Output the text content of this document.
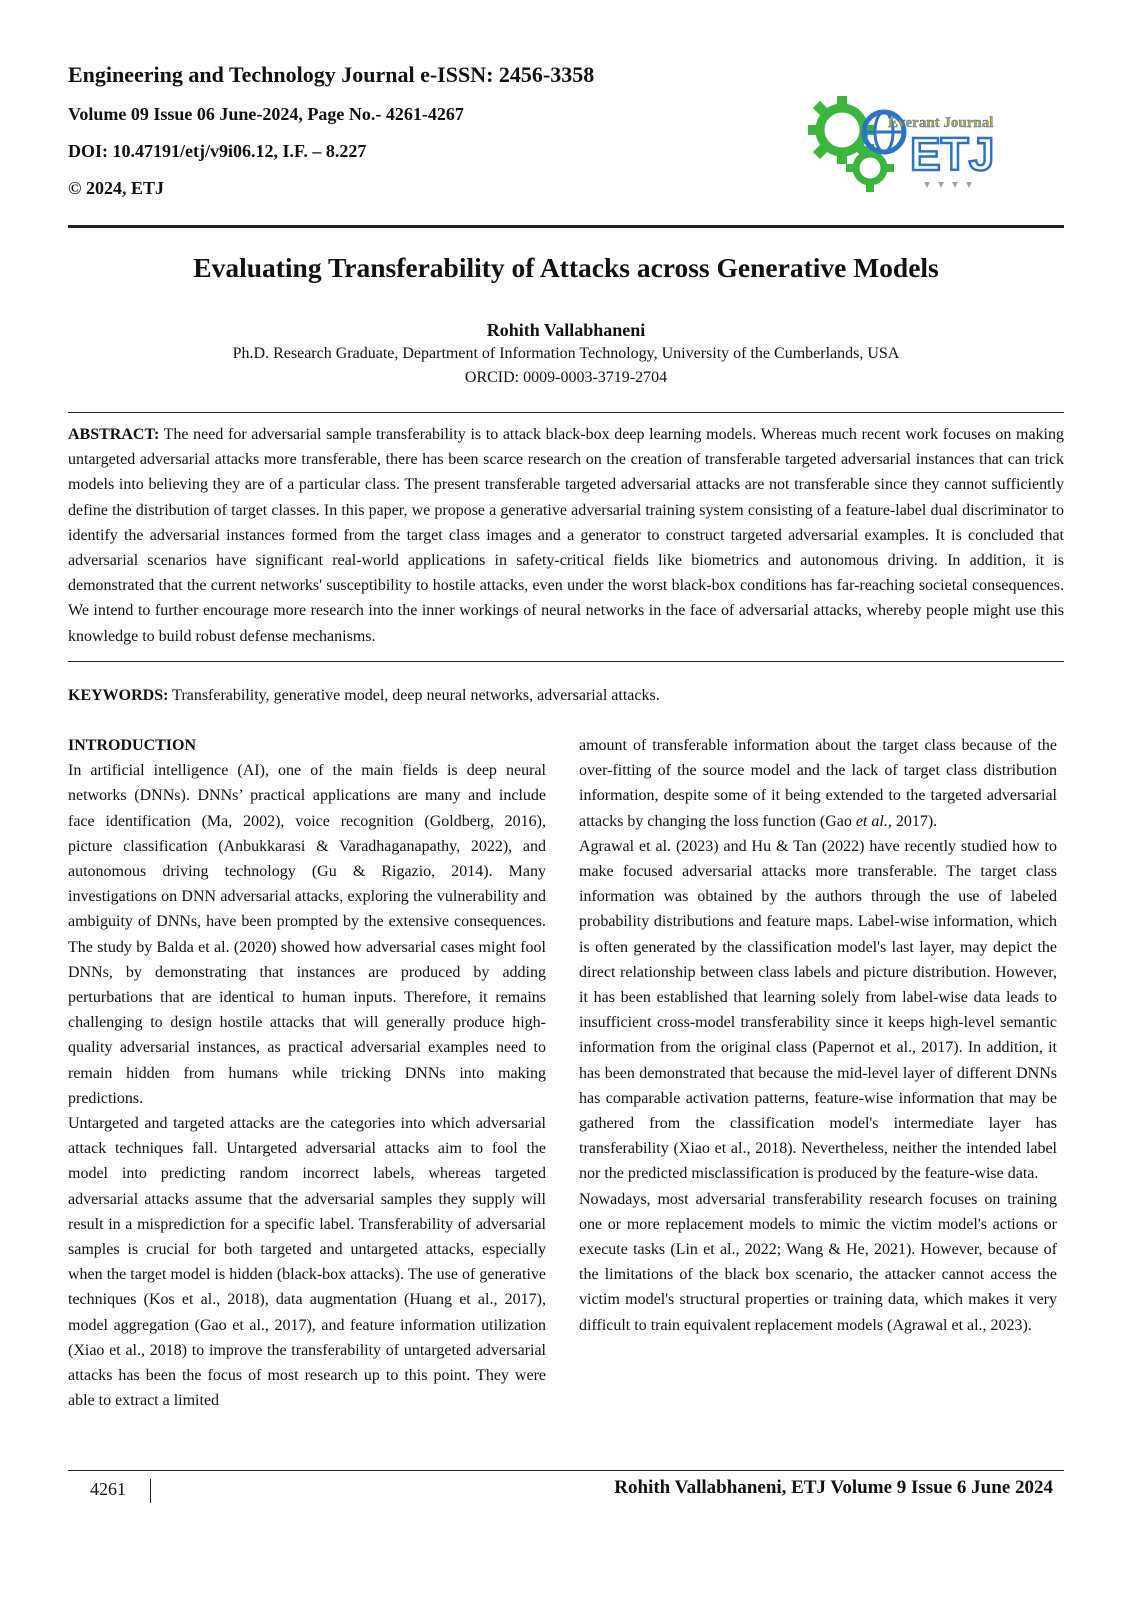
Engineering and Technology Journal e-ISSN: 2456-3358

Volume 09 Issue 06 June-2024, Page No.- 4261-4267

DOI: 10.47191/etj/v9i06.12, I.F. – 8.227

© 2024, ETJ

Everant Journal
ETJ
Evaluating Transferability of Attacks across Generative Models
Rohith Vallabhaneni
Ph.D. Research Graduate, Department of Information Technology, University of the Cumberlands, USA
ORCID: 0009-0003-3719-2704

ABSTRACT: The need for adversarial sample transferability is to attack black-box deep learning models. Whereas much recent work focuses on making untargeted adversarial attacks more transferable, there has been scarce research on the creation of transferable targeted adversarial instances that can trick models into believing they are of a particular class. The present transferable targeted adversarial attacks are not transferable since they cannot sufficiently define the distribution of target classes. In this paper, we propose a generative adversarial training system consisting of a feature-label dual discriminator to identify the adversarial instances formed from the target class images and a generator to construct targeted adversarial examples. It is concluded that adversarial scenarios have significant real-world applications in safety-critical fields like biometrics and autonomous driving. In addition, it is demonstrated that the current networks' susceptibility to hostile attacks, even under the worst black-box conditions has far-reaching societal consequences. We intend to further encourage more research into the inner workings of neural networks in the face of adversarial attacks, whereby people might use this knowledge to build robust defense mechanisms.

KEYWORDS: Transferability, generative model, deep neural networks, adversarial attacks.

INTRODUCTION

In artificial intelligence (AI), one of the main fields is deep neural networks (DNNs). DNNs’ practical applications are many and include face identification (Ma, 2002), voice recognition (Goldberg, 2016), picture classification (Anbukkarasi & Varadhaganapathy, 2022), and autonomous driving technology (Gu & Rigazio, 2014). Many investigations on DNN adversarial attacks, exploring the vulnerability and ambiguity of DNNs, have been prompted by the extensive consequences. The study by Balda et al. (2020) showed how adversarial cases might fool DNNs, by demonstrating that instances are produced by adding perturbations that are identical to human inputs. Therefore, it remains challenging to design hostile attacks that will generally produce high-quality adversarial instances, as practical adversarial examples need to remain hidden from humans while tricking DNNs into making predictions.

Untargeted and targeted attacks are the categories into which adversarial attack techniques fall. Untargeted adversarial attacks aim to fool the model into predicting random incorrect labels, whereas targeted adversarial attacks assume that the adversarial samples they supply will result in a misprediction for a specific label. Transferability of adversarial samples is crucial for both targeted and untargeted attacks, especially when the target model is hidden (black-box attacks). The use of generative techniques (Kos et al., 2018), data augmentation (Huang et al., 2017), model aggregation (Gao et al., 2017), and feature information utilization (Xiao et al., 2018) to improve the transferability of untargeted adversarial attacks has been the focus of most research up to this point. They were able to extract a limited

amount of transferable information about the target class because of the over-fitting of the source model and the lack of target class distribution information, despite some of it being extended to the targeted adversarial attacks by changing the loss function (Gao et al., 2017).

Agrawal et al. (2023) and Hu & Tan (2022) have recently studied how to make focused adversarial attacks more transferable. The target class information was obtained by the authors through the use of labeled probability distributions and feature maps. Label-wise information, which is often generated by the classification model's last layer, may depict the direct relationship between class labels and picture distribution. However, it has been established that learning solely from label-wise data leads to insufficient cross-model transferability since it keeps high-level semantic information from the original class (Papernot et al., 2017). In addition, it has been demonstrated that because the mid-level layer of different DNNs has comparable activation patterns, feature-wise information that may be gathered from the classification model's intermediate layer has transferability (Xiao et al., 2018). Nevertheless, neither the intended label nor the predicted misclassification is produced by the feature-wise data.

Nowadays, most adversarial transferability research focuses on training one or more replacement models to mimic the victim model's actions or execute tasks (Lin et al., 2022; Wang & He, 2021). However, because of the limitations of the black box scenario, the attacker cannot access the victim model's structural properties or training data, which makes it very difficult to train equivalent replacement models (Agrawal et al., 2023).

4261	Rohith Vallabhaneni, ETJ Volume 9 Issue 6 June 2024
